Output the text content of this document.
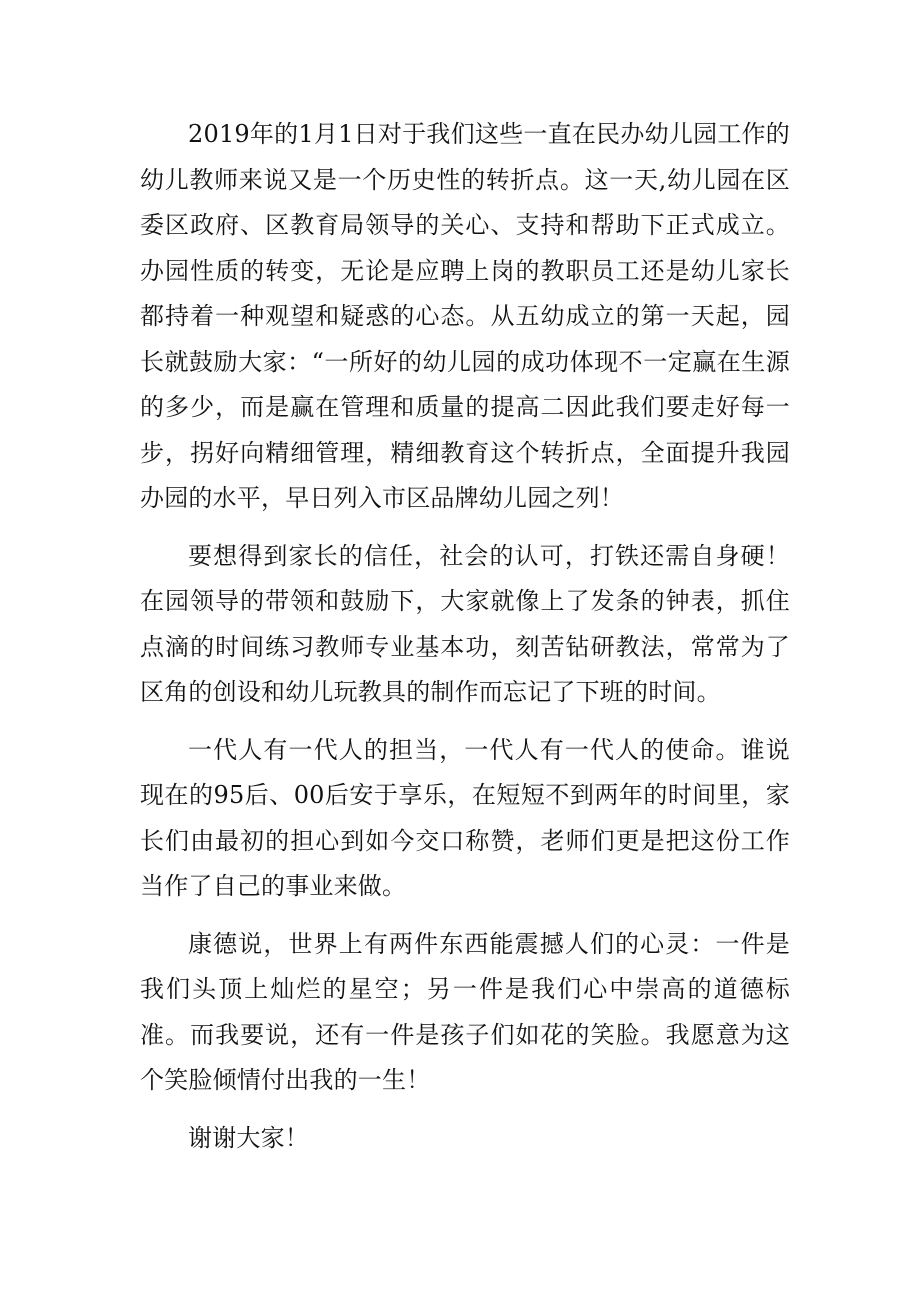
2019年的1月1日对于我们这些一直在民办幼儿园工作的幼儿教师来说又是一个历史性的转折点。这一天,幼儿园在区委区政府、区教育局领导的关心、支持和帮助下正式成立。办园性质的转变，无论是应聘上岗的教职员工还是幼儿家长都持着一种观望和疑惑的心态。从五幼成立的第一天起，园长就鼓励大家：“一所好的幼儿园的成功体现不一定赢在生源的多少，而是赢在管理和质量的提高二因此我们要走好每一步，拐好向精细管理，精细教育这个转折点，全面提升我园办园的水平，早日列入市区品牌幼儿园之列！

要想得到家长的信任，社会的认可，打铁还需自身硬！在园领导的带领和鼓励下，大家就像上了发条的钟表，抓住点滴的时间练习教师专业基本功，刻苦钻研教法，常常为了区角的创设和幼儿玩教具的制作而忘记了下班的时间。

一代人有一代人的担当，一代人有一代人的使命。谁说现在的95后、00后安于享乐，在短短不到两年的时间里，家长们由最初的担心到如今交口称赞，老师们更是把这份工作当作了自己的事业来做。

康德说，世界上有两件东西能震撼人们的心灵：一件是我们头顶上灿烂的星空；另一件是我们心中崇高的道德标准。而我要说，还有一件是孩子们如花的笑脸。我愿意为这个笑脸倾情付出我的一生！

谢谢大家！
